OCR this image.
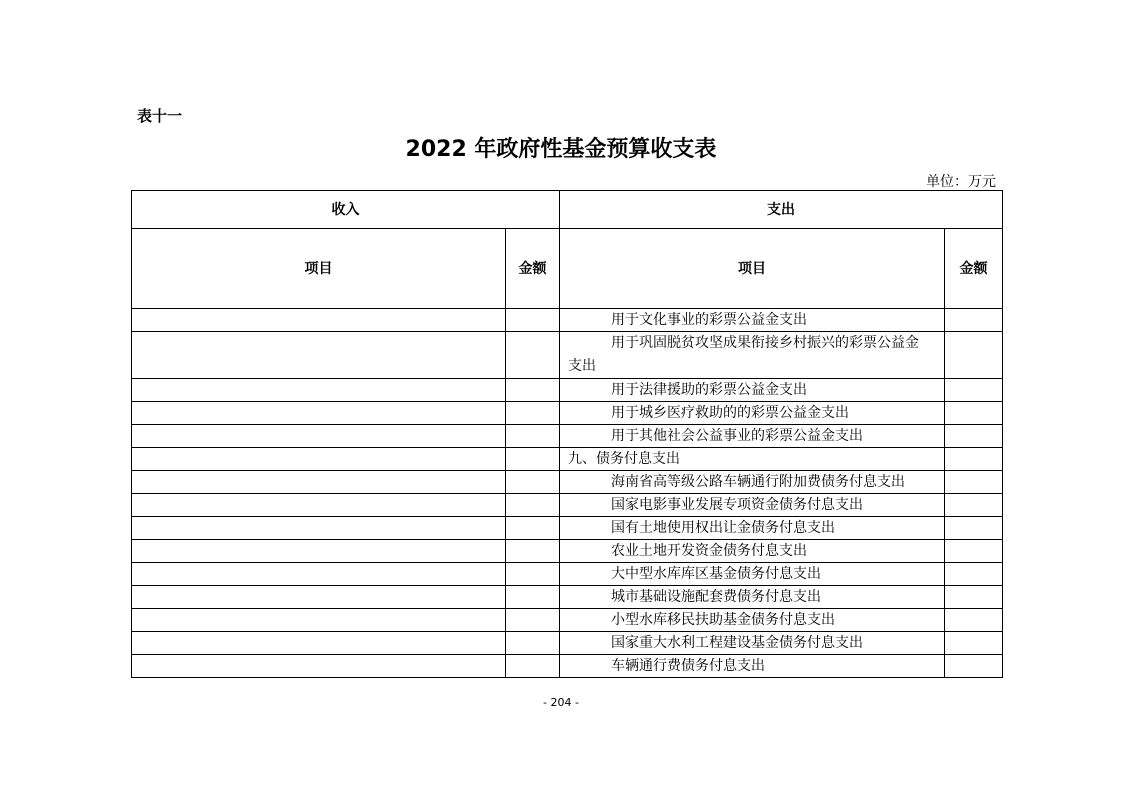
表十一
2022 年政府性基金预算收支表
单位：万元
收入		支出	
项目	金额	项目	金额
		用于文化事业的彩票公益金支出	

		用于巩固脱贫攻坚成果衔接乡村振兴的彩票公益金
支出	

		用于法律援助的彩票公益金支出	
		用于城乡医疗救助的的彩票公益金支出	
		用于其他社会公益事业的彩票公益金支出	
		九、债务付息支出	
		海南省高等级公路车辆通行附加费债务付息支出	
		国家电影事业发展专项资金债务付息支出	
		国有土地使用权出让金债务付息支出	
		农业土地开发资金债务付息支出	
		大中型水库库区基金债务付息支出	
		城市基础设施配套费债务付息支出	
		小型水库移民扶助基金债务付息支出	
		国家重大水利工程建设基金债务付息支出	
		车辆通行费债务付息支出	
- 204 -
